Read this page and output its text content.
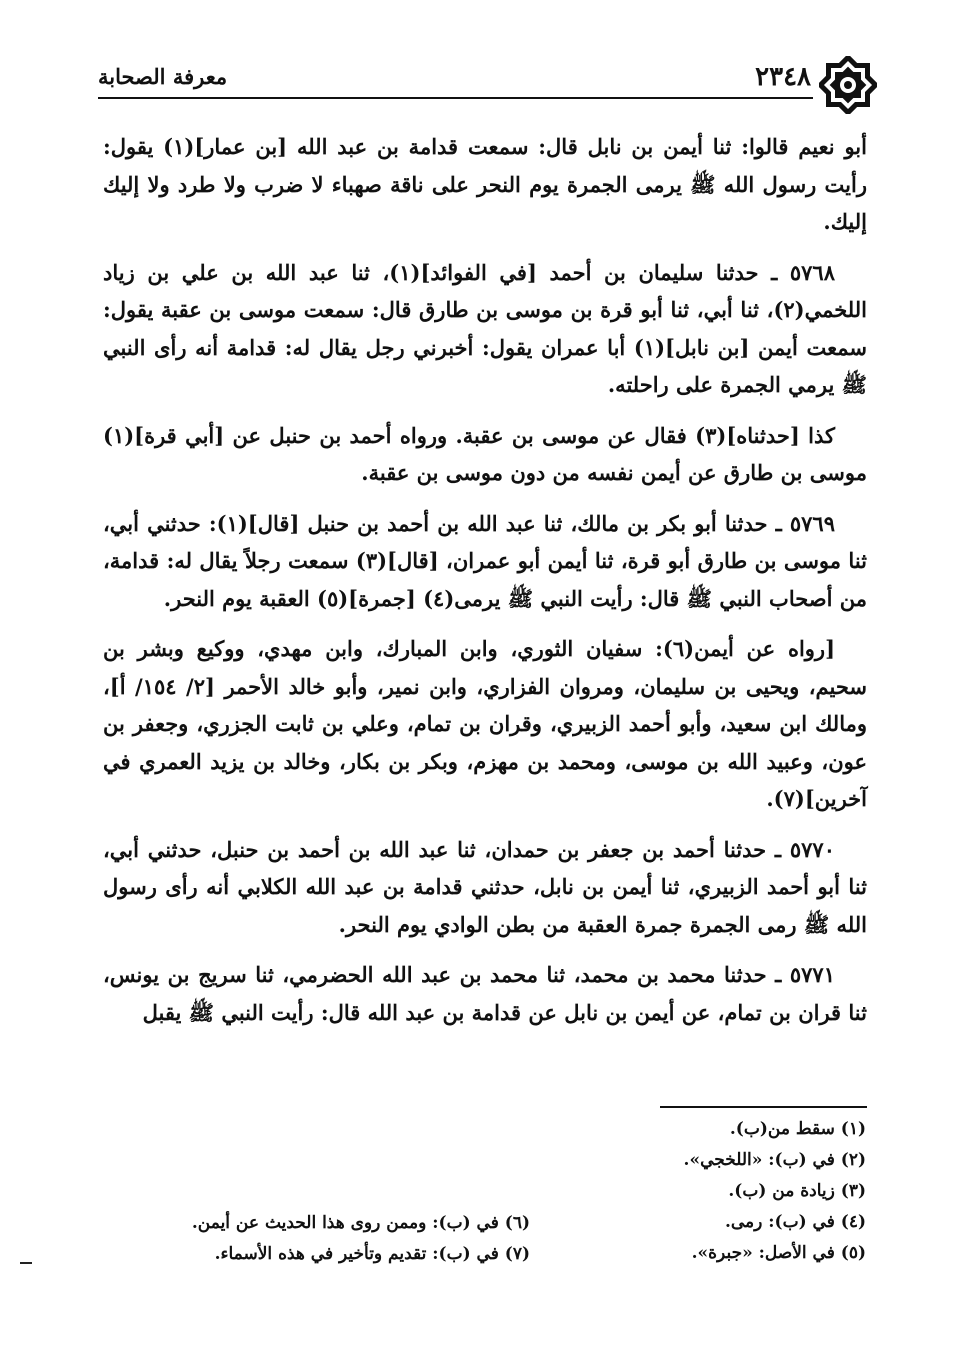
٢٣٤٨
معرفة الصحابة

أبو نعيم قالوا: ثنا أيمن بن نابل قال: سمعت قدامة بن عبد الله [بن عمار](١) يقول: رأيت رسول الله ﷺ يرمى الجمرة يوم النحر على ناقة صهباء لا ضرب ولا طرد ولا إليك إليك.

٥٧٦٨ ـ حدثنا سليمان بن أحمد [في الفوائد](١)، ثنا عبد الله بن علي بن زياد اللخمي(٢)، ثنا أبي، ثنا أبو قرة بن موسى بن طارق قال: سمعت موسى بن عقبة يقول: سمعت أيمن [بن نابل](١) أبا عمران يقول: أخبرني رجل يقال له: قدامة أنه رأى النبي ﷺ يرمي الجمرة على راحلته.

كذا [حدثناه](٣) فقال عن موسى بن عقبة. ورواه أحمد بن حنبل عن [أبي قرة](١) موسى بن طارق عن أيمن نفسه من دون موسى بن عقبة.

٥٧٦٩ ـ حدثنا أبو بكر بن مالك، ثنا عبد الله بن أحمد بن حنبل [قال](١): حدثني أبي، ثنا موسى بن طارق أبو قرة، ثنا أيمن أبو عمران، [قال](٣) سمعت رجلاً يقال له: قدامة، من أصحاب النبي ﷺ قال: رأيت النبي ﷺ يرمى(٤) [جمرة](٥) العقبة يوم النحر.

[رواه عن أيمن(٦): سفيان الثوري، وابن المبارك، وابن مهدي، ووكيع وبشر بن سحيم، ويحيى بن سليمان، ومروان الفزاري، وابن نمير، وأبو خالد الأحمر [٢/ ١٥٤/ أ]، ومالك ابن سعيد، وأبو أحمد الزبيري، وقران بن تمام، وعلي بن ثابت الجزري، وجعفر بن عون، وعبيد الله بن موسى، ومحمد بن مهزم، وبكر بن بكار، وخالد بن يزيد العمري في آخرين](٧).

٥٧٧٠ ـ حدثنا أحمد بن جعفر بن حمدان، ثنا عبد الله بن أحمد بن حنبل، حدثني أبي، ثنا أبو أحمد الزبيري، ثنا أيمن بن نابل، حدثني قدامة بن عبد الله الكلابي أنه رأى رسول الله ﷺ رمى الجمرة جمرة العقبة من بطن الوادي يوم النحر.

٥٧٧١ ـ حدثنا محمد بن محمد، ثنا محمد بن عبد الله الحضرمي، ثنا سريج بن يونس، ثنا قران بن تمام، عن أيمن بن نابل عن قدامة بن عبد الله قال: رأيت النبي ﷺ يقبل

(١) سقط من(ب).
(٢) في (ب): «اللخجي».
(٣) زيادة من (ب).
(٤) في (ب): رمى.
(٥) في الأصل: «جبرة».
(٦) في (ب): وممن روى هذا الحديث عن أيمن.
(٧) في (ب): تقديم وتأخير في هذه الأسماء.
